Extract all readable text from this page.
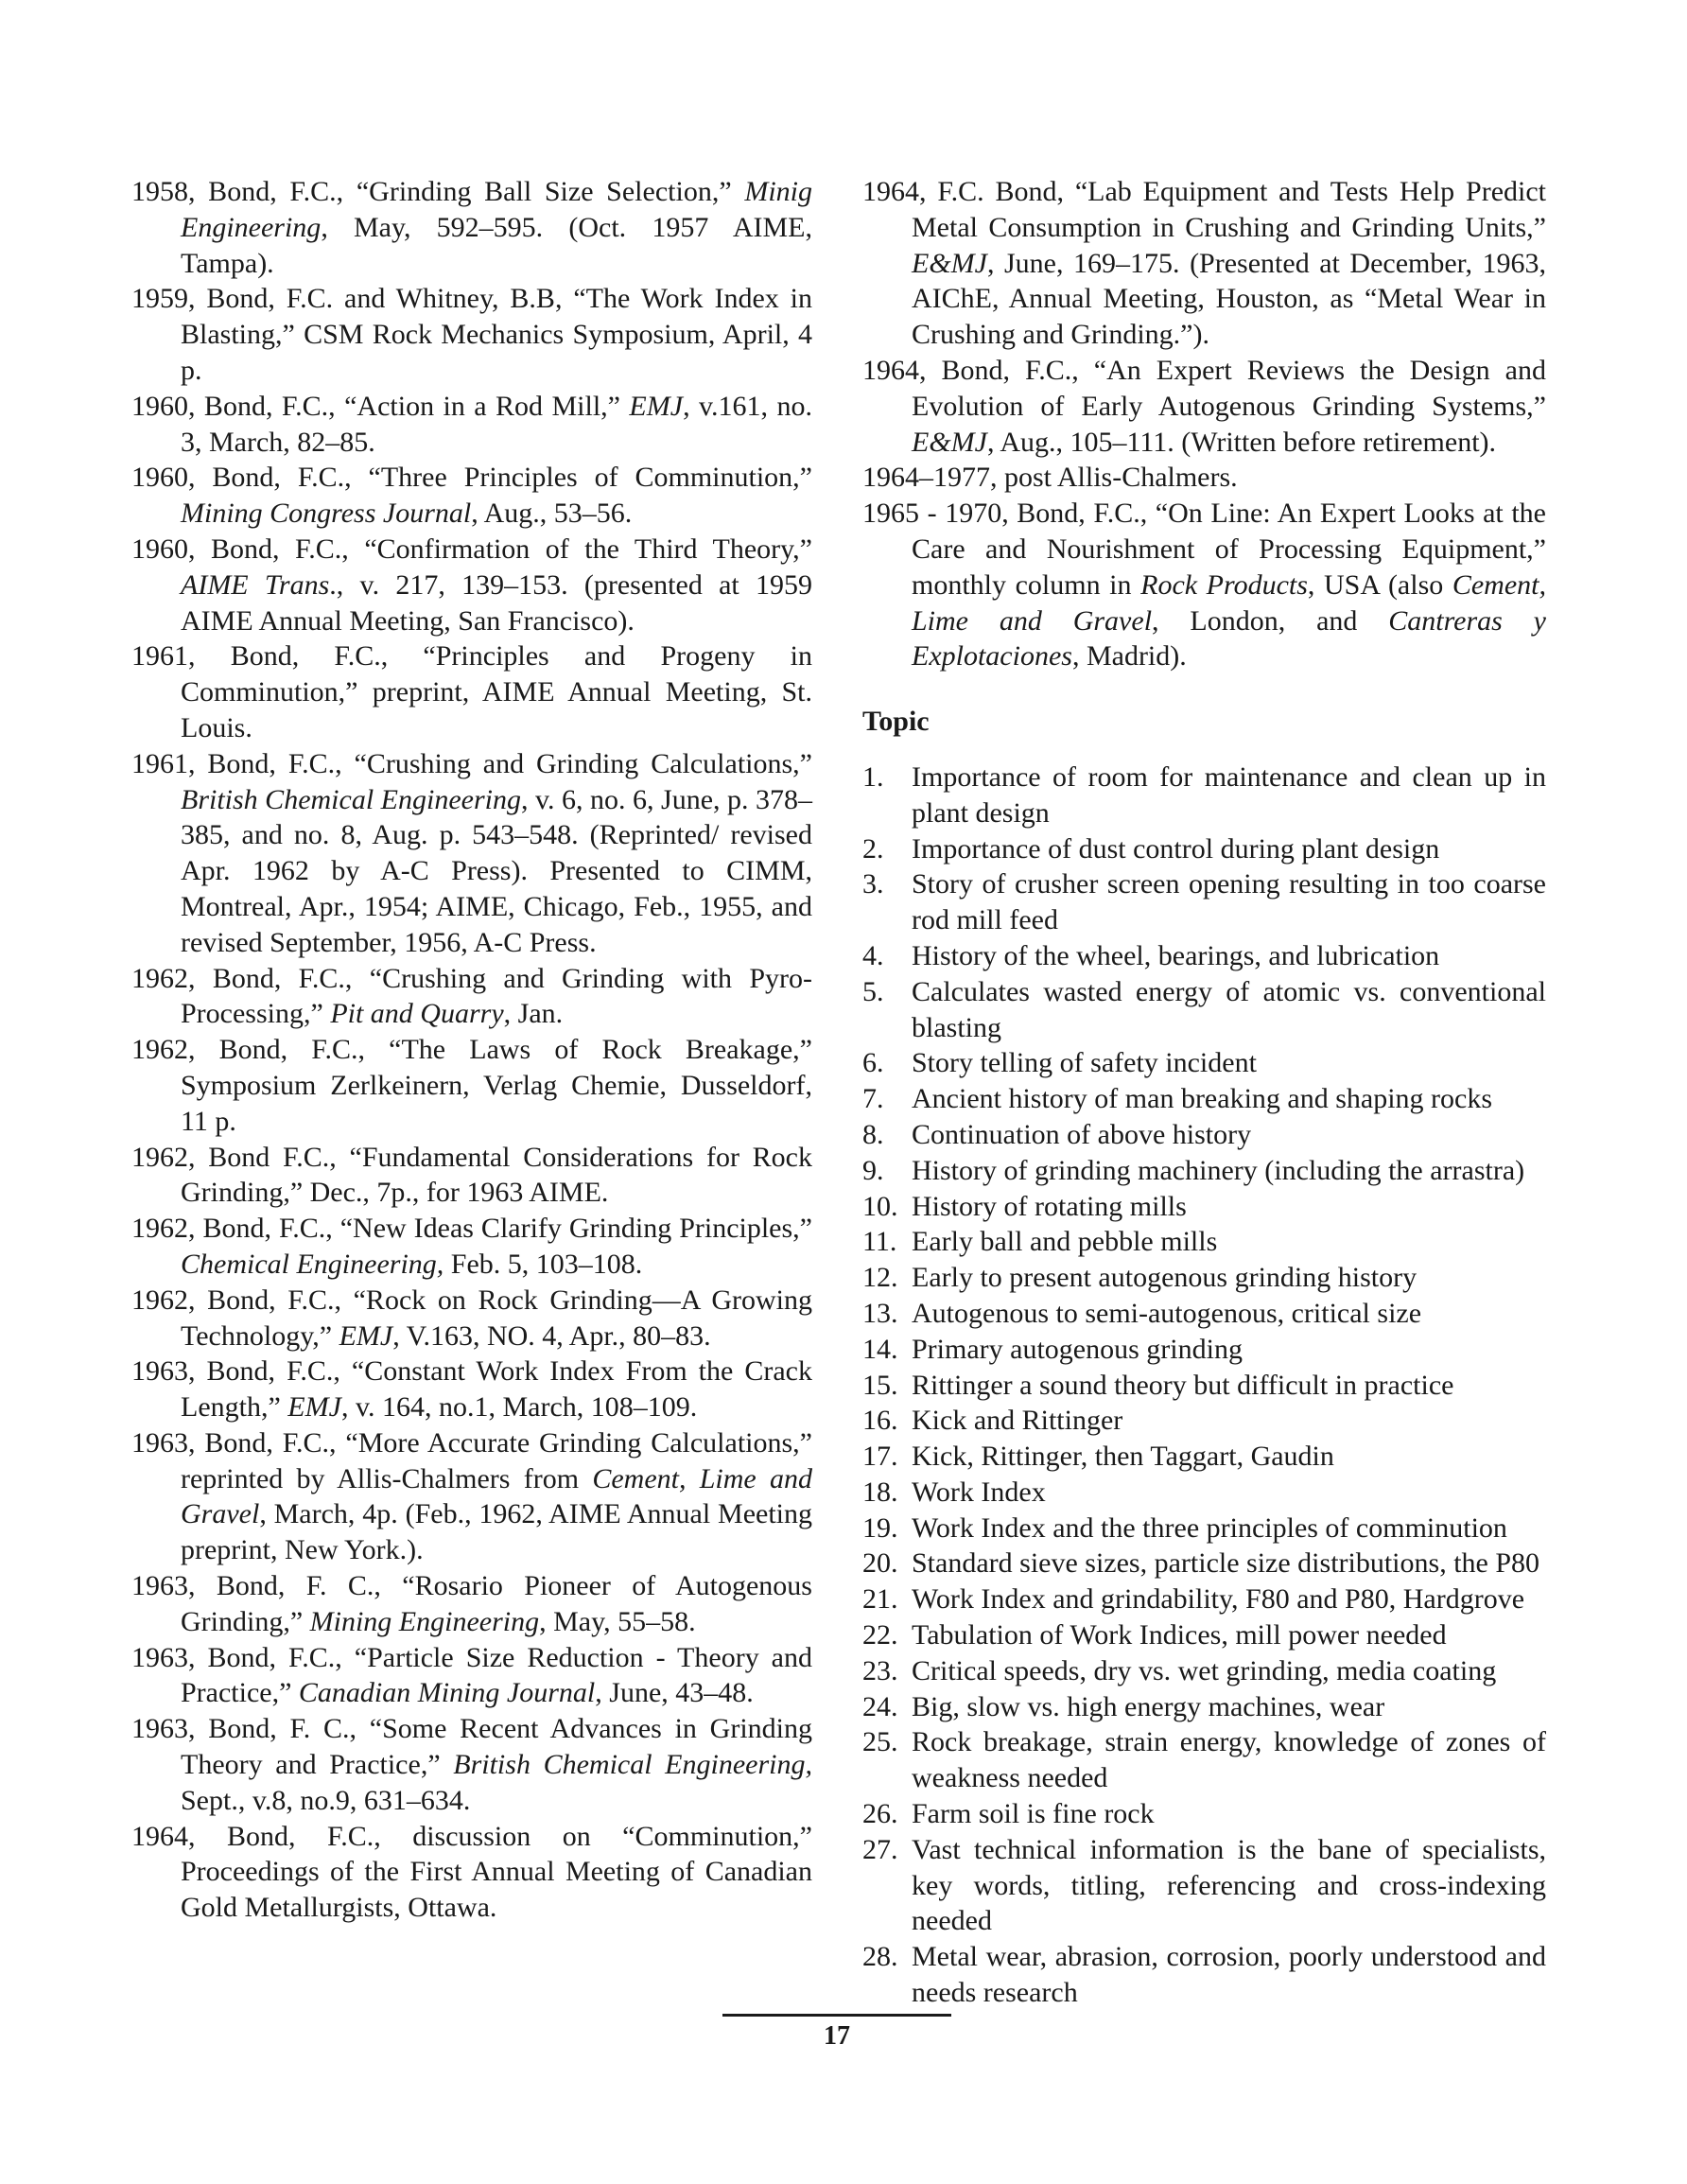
1958, Bond, F.C., “Grinding Ball Size Selection,” Minig Engineering, May, 592–595. (Oct. 1957 AIME, Tampa).

1959, Bond, F.C. and Whitney, B.B, “The Work Index in Blasting,” CSM Rock Mechanics Symposium, April, 4 p.

1960, Bond, F.C., “Action in a Rod Mill,” EMJ, v.161, no. 3, March, 82–85.

1960, Bond, F.C., “Three Principles of Comminution,” Mining Congress Journal, Aug., 53–56.

1960, Bond, F.C., “Confirmation of the Third Theory,” AIME Trans., v. 217, 139–153. (presented at 1959 AIME Annual Meeting, San Francisco).

1961, Bond, F.C., “Principles and Progeny in Comminution,” preprint, AIME Annual Meeting, St. Louis.

1961, Bond, F.C., “Crushing and Grinding Calculations,” British Chemical Engineering, v. 6, no. 6, June, p. 378–385, and no. 8, Aug. p. 543–548. (Reprinted/ revised Apr. 1962 by A-C Press). Presented to CIMM, Montreal, Apr., 1954; AIME, Chicago, Feb., 1955, and revised September, 1956, A-C Press.

1962, Bond, F.C., “Crushing and Grinding with Pyro-Processing,” Pit and Quarry, Jan.

1962, Bond, F.C., “The Laws of Rock Breakage,” Symposium Zerlkeinern, Verlag Chemie, Dusseldorf, 11 p.

1962, Bond F.C., “Fundamental Considerations for Rock Grinding,” Dec., 7p., for 1963 AIME.

1962, Bond, F.C., “New Ideas Clarify Grinding Principles,” Chemical Engineering, Feb. 5, 103–108.

1962, Bond, F.C., “Rock on Rock Grinding—A Growing Technology,” EMJ, V.163, NO. 4, Apr., 80–83.

1963, Bond, F.C., “Constant Work Index From the Crack Length,” EMJ, v. 164, no.1, March, 108–109.

1963, Bond, F.C., “More Accurate Grinding Calculations,” reprinted by Allis-Chalmers from Cement, Lime and Gravel, March, 4p. (Feb., 1962, AIME Annual Meeting preprint, New York.).

1963, Bond, F. C., “Rosario Pioneer of Autogenous Grinding,” Mining Engineering, May, 55–58.

1963, Bond, F.C., “Particle Size Reduction - Theory and Practice,” Canadian Mining Journal, June, 43–48.

1963, Bond, F. C., “Some Recent Advances in Grinding Theory and Practice,” British Chemical Engineering, Sept., v.8, no.9, 631–634.

1964, Bond, F.C., discussion on “Comminution,” Proceedings of the First Annual Meeting of Canadian Gold Metallurgists, Ottawa.

1964, F.C. Bond, “Lab Equipment and Tests Help Predict Metal Consumption in Crushing and Grinding Units,” E&MJ, June, 169–175. (Presented at December, 1963, AIChE, Annual Meeting, Houston, as “Metal Wear in Crushing and Grinding.”).

1964, Bond, F.C., “An Expert Reviews the Design and Evolution of Early Autogenous Grinding Systems,” E&MJ, Aug., 105–111. (Written before retirement).

1964–1977, post Allis-Chalmers.

1965 - 1970, Bond, F.C., “On Line: An Expert Looks at the Care and Nourishment of Processing Equipment,” monthly column in Rock Products, USA (also Cement, Lime and Gravel, London, and Cantreras y Explotaciones, Madrid).

Topic
1. Importance of room for maintenance and clean up in plant design
2. Importance of dust control during plant design
3. Story of crusher screen opening resulting in too coarse rod mill feed
4. History of the wheel, bearings, and lubrication
5. Calculates wasted energy of atomic vs. conventional blasting
6. Story telling of safety incident
7. Ancient history of man breaking and shaping rocks
8. Continuation of above history
9. History of grinding machinery (including the arrastra)
10. History of rotating mills
11. Early ball and pebble mills
12. Early to present autogenous grinding history
13. Autogenous to semi-autogenous, critical size
14. Primary autogenous grinding
15. Rittinger a sound theory but difficult in practice
16. Kick and Rittinger
17. Kick, Rittinger, then Taggart, Gaudin
18. Work Index
19. Work Index and the three principles of comminution
20. Standard sieve sizes, particle size distributions, the P80
21. Work Index and grindability, F80 and P80, Hardgrove
22. Tabulation of Work Indices, mill power needed
23. Critical speeds, dry vs. wet grinding, media coating
24. Big, slow vs. high energy machines, wear
25. Rock breakage, strain energy, knowledge of zones of weakness needed
26. Farm soil is fine rock
27. Vast technical information is the bane of specialists, key words, titling, referencing and cross-indexing needed
28. Metal wear, abrasion, corrosion, poorly understood and needs research
17
